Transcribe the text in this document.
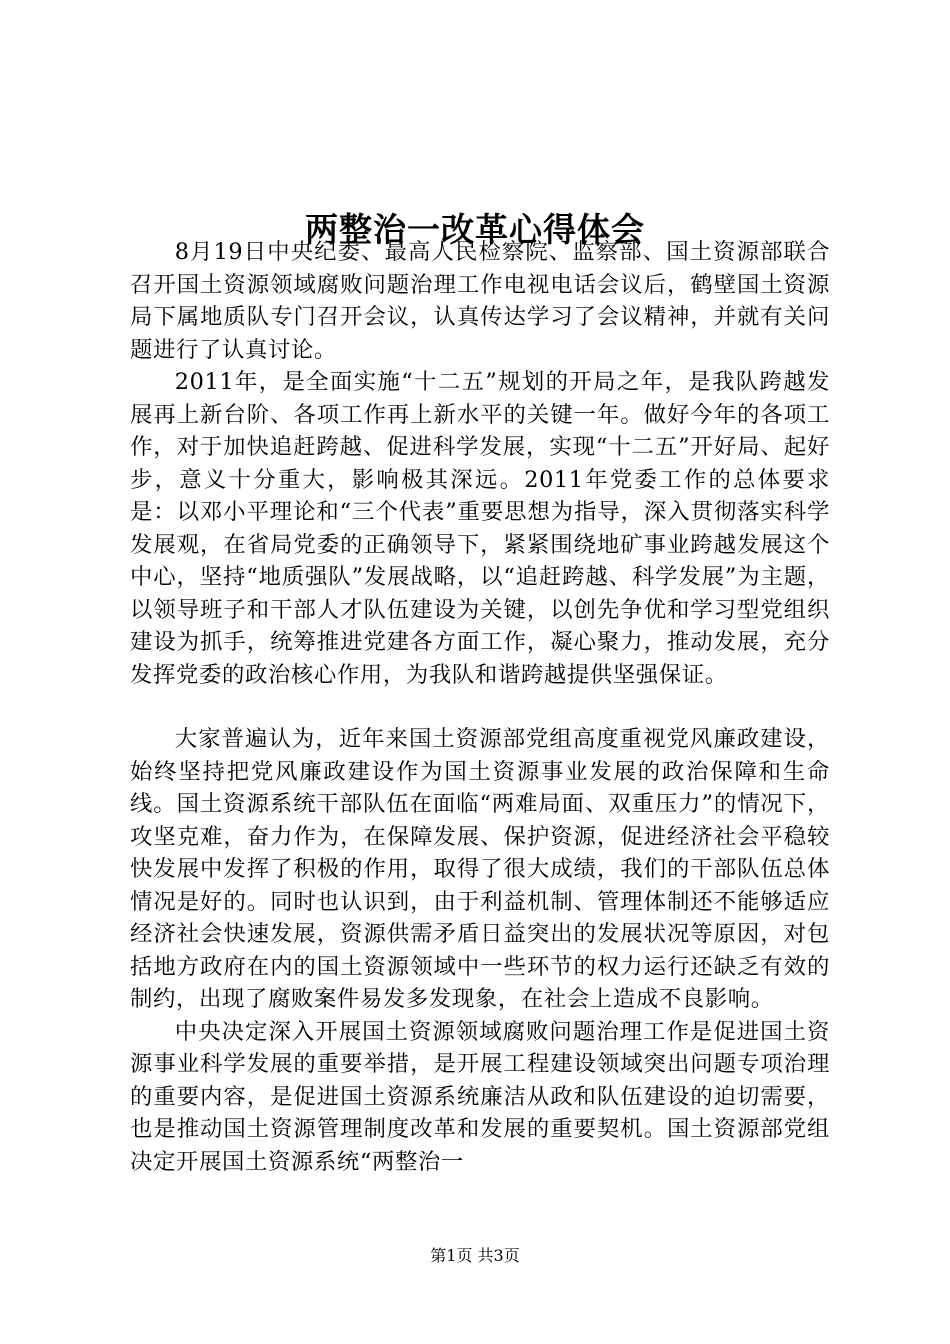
两整治一改革心得体会

8月19日中央纪委、最高人民检察院、监察部、国土资源部联合召开国土资源领域腐败问题治理工作电视电话会议后，鹤壁国土资源局下属地质队专门召开会议，认真传达学习了会议精神，并就有关问题进行了认真讨论。

2011年，是全面实施“十二五”规划的开局之年，是我队跨越发展再上新台阶、各项工作再上新水平的关键一年。做好今年的各项工作，对于加快追赶跨越、促进科学发展，实现“十二五”开好局、起好步，意义十分重大，影响极其深远。2011年党委工作的总体要求是：以邓小平理论和“三个代表”重要思想为指导，深入贯彻落实科学发展观，在省局党委的正确领导下，紧紧围绕地矿事业跨越发展这个中心，坚持“地质强队”发展战略，以“追赶跨越、科学发展”为主题，以领导班子和干部人才队伍建设为关键，以创先争优和学习型党组织建设为抓手，统筹推进党建各方面工作，凝心聚力，推动发展，充分发挥党委的政治核心作用，为我队和谐跨越提供坚强保证。

大家普遍认为，近年来国土资源部党组高度重视党风廉政建设，始终坚持把党风廉政建设作为国土资源事业发展的政治保障和生命线。国土资源系统干部队伍在面临“两难局面、双重压力”的情况下，攻坚克难，奋力作为，在保障发展、保护资源，促进经济社会平稳较快发展中发挥了积极的作用，取得了很大成绩，我们的干部队伍总体情况是好的。同时也认识到，由于利益机制、管理体制还不能够适应经济社会快速发展，资源供需矛盾日益突出的发展状况等原因，对包括地方政府在内的国土资源领域中一些环节的权力运行还缺乏有效的制约，出现了腐败案件易发多发现象，在社会上造成不良影响。

中央决定深入开展国土资源领域腐败问题治理工作是促进国土资源事业科学发展的重要举措，是开展工程建设领域突出问题专项治理的重要内容，是促进国土资源系统廉洁从政和队伍建设的迫切需要，也是推动国土资源管理制度改革和发展的重要契机。国土资源部党组决定开展国土资源系统“两整治一

第1页 共3页
